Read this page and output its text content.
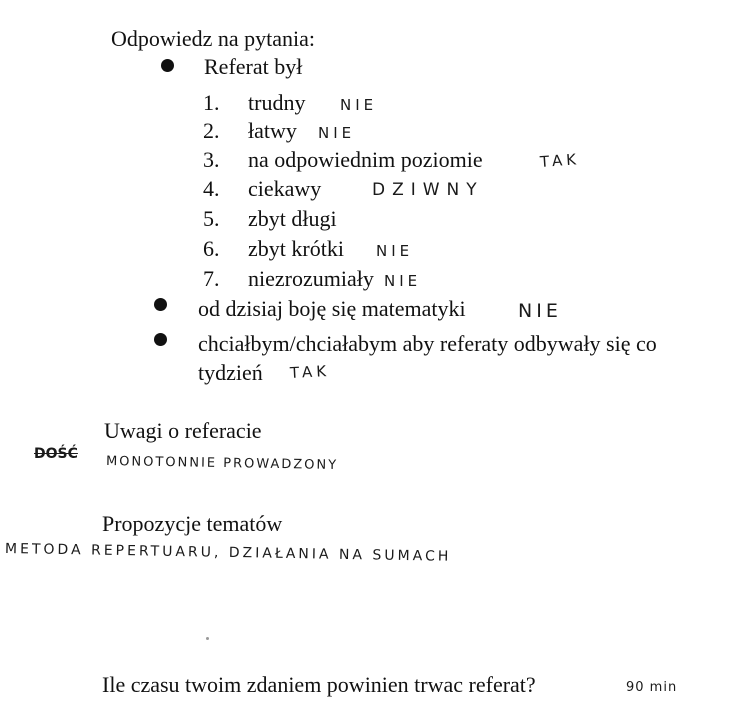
Odpowiedz na pytania:
Referat był
1. trudny NIE
2. łatwy NIE
3. na odpowiednim poziomie	TAK
4. ciekawy	DZIWNY
5. zbyt długi
6. zbyt krótki NIE
7. niezrozumiały NIE
od dzisiaj boję się matematyki	NIE
chciałbym/chciałabym aby referaty odbywały się co
tydzień TAK
Uwagi o referacie
DOŚĆ
MONOTONNIE PROWADZONY
Propozycje tematów
METODA REPERTUARU, DZIAŁANIA NA SUMACH
Ile czasu twoim zdaniem powinien trwac referat?	90 min
